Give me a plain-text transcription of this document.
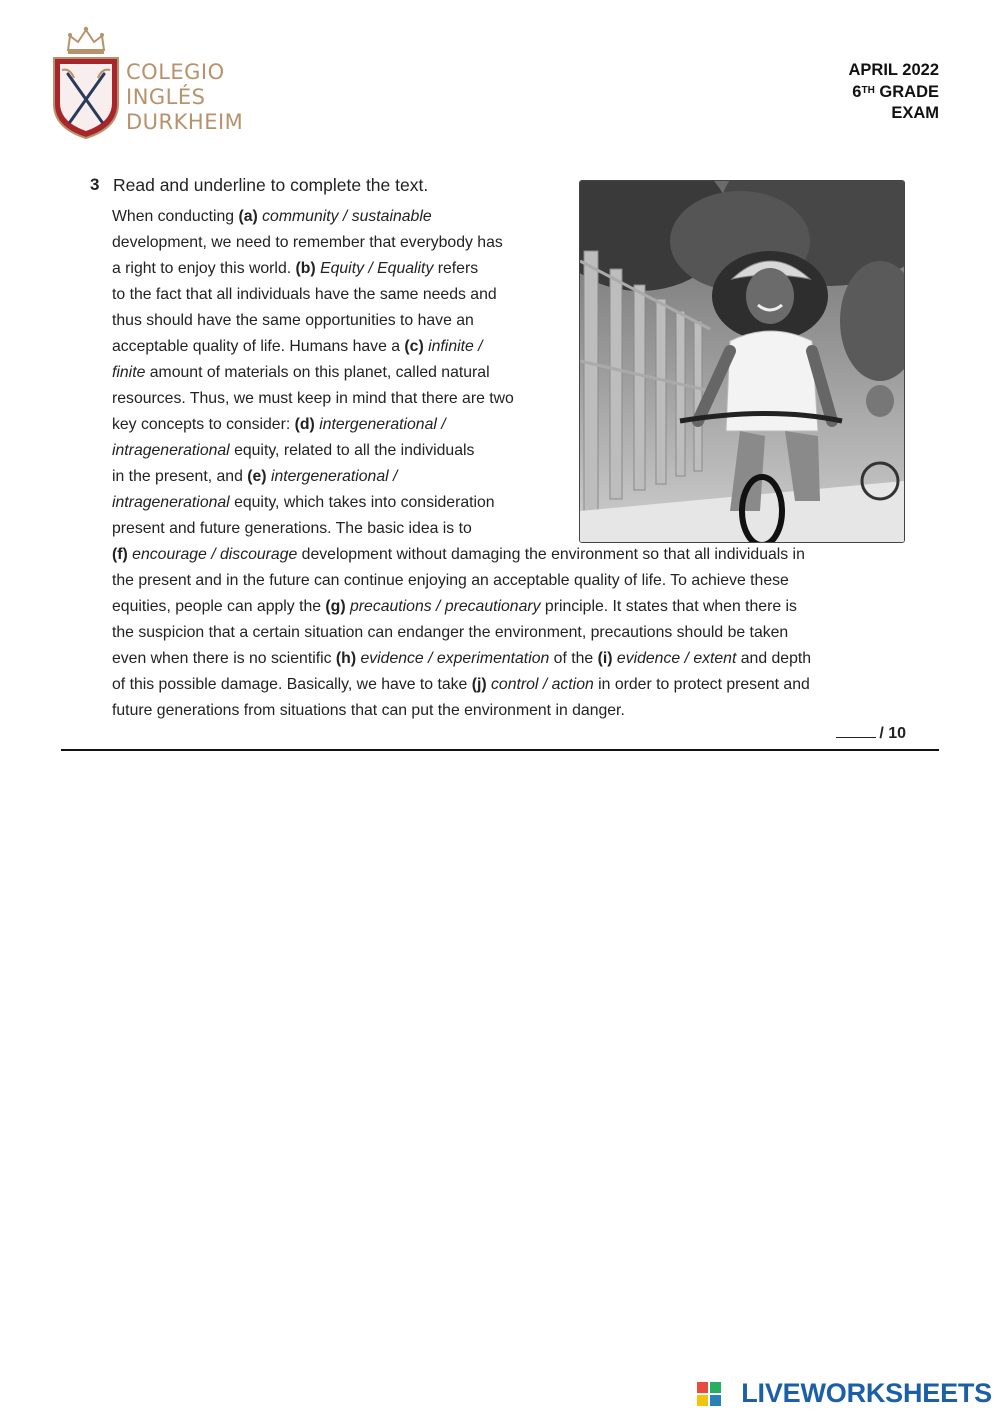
COLEGIO
INGLÉS
DURKHEIM
APRIL 2022
6TH GRADE
EXAM
3 Read and underline to complete the text.
When conducting (a) community / sustainable
development, we need to remember that everybody has
a right to enjoy this world. (b) Equity / Equality refers
to the fact that all individuals have the same needs and
thus should have the same opportunities to have an
acceptable quality of life. Humans have a (c) infinite /
finite amount of materials on this planet, called natural
resources. Thus, we must keep in mind that there are two
key concepts to consider: (d) intergenerational /
intragenerational equity, related to all the individuals
in the present, and (e) intergenerational /
intragenerational equity, which takes into consideration
present and future generations. The basic idea is to
(f) encourage / discourage development without damaging the environment so that all individuals in
the present and in the future can continue enjoying an acceptable quality of life. To achieve these
equities, people can apply the (g) precautions / precautionary principle. It states that when there is
the suspicion that a certain situation can endanger the environment, precautions should be taken
even when there is no scientific (h) evidence / experimentation of the (i) evidence / extent and depth
of this possible damage. Basically, we have to take (j) control / action in order to protect present and
future generations from situations that can put the environment in danger.
/ 10
LIVEWORKSHEETS
